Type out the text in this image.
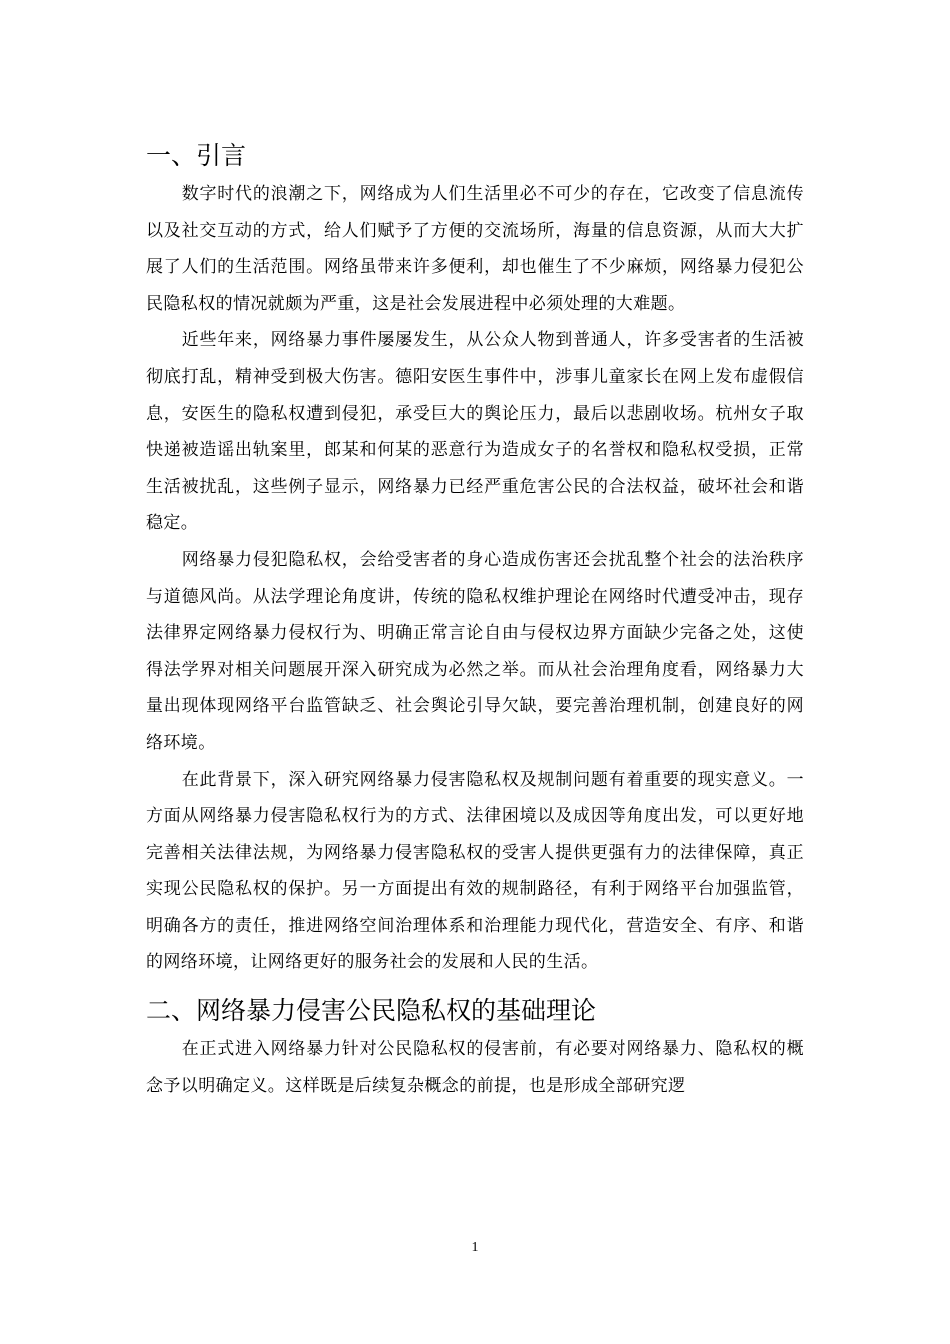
一、引言

数字时代的浪潮之下，网络成为人们生活里必不可少的存在，它改变了信息流传以及社交互动的方式，给人们赋予了方便的交流场所，海量的信息资源，从而大大扩展了人们的生活范围。网络虽带来许多便利，却也催生了不少麻烦，网络暴力侵犯公民隐私权的情况就颇为严重，这是社会发展进程中必须处理的大难题。

近些年来，网络暴力事件屡屡发生，从公众人物到普通人，许多受害者的生活被彻底打乱，精神受到极大伤害。德阳安医生事件中，涉事儿童家长在网上发布虚假信息，安医生的隐私权遭到侵犯，承受巨大的舆论压力，最后以悲剧收场。杭州女子取快递被造谣出轨案里，郎某和何某的恶意行为造成女子的名誉权和隐私权受损，正常生活被扰乱，这些例子显示，网络暴力已经严重危害公民的合法权益，破坏社会和谐稳定。

网络暴力侵犯隐私权，会给受害者的身心造成伤害还会扰乱整个社会的法治秩序与道德风尚。从法学理论角度讲，传统的隐私权维护理论在网络时代遭受冲击，现存法律界定网络暴力侵权行为、明确正常言论自由与侵权边界方面缺少完备之处，这使得法学界对相关问题展开深入研究成为必然之举。而从社会治理角度看，网络暴力大量出现体现网络平台监管缺乏、社会舆论引导欠缺，要完善治理机制，创建良好的网络环境。

在此背景下，深入研究网络暴力侵害隐私权及规制问题有着重要的现实意义。一方面从网络暴力侵害隐私权行为的方式、法律困境以及成因等角度出发，可以更好地完善相关法律法规，为网络暴力侵害隐私权的受害人提供更强有力的法律保障，真正实现公民隐私权的保护。另一方面提出有效的规制路径，有利于网络平台加强监管，明确各方的责任，推进网络空间治理体系和治理能力现代化，营造安全、有序、和谐的网络环境，让网络更好的服务社会的发展和人民的生活。

二、网络暴力侵害公民隐私权的基础理论

在正式进入网络暴力针对公民隐私权的侵害前，有必要对网络暴力、隐私权的概念予以明确定义。这样既是后续复杂概念的前提，也是形成全部研究逻

1
